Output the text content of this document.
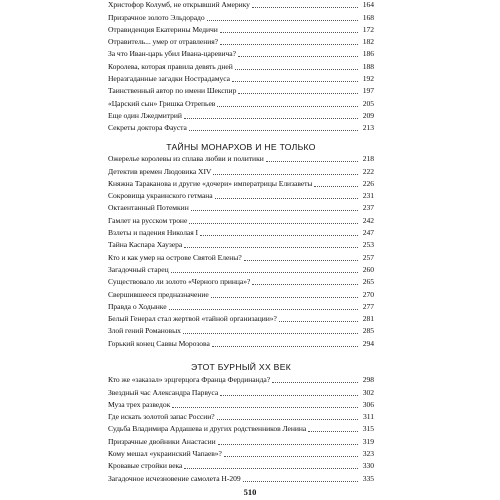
Христофор Колумб, не открывший Америку	164
Призрачное золото Эльдорадо	168
Отравиденция Екатерины Медичи	172
Отравитель... умер от отравления?	182
За что Иван-царь убил Ивана-царевича?	186
Королева, которая правила девять дней	188
Неразгаданные загадки Нострадамуса	192
Таинственный автор по имени Шекспир	197
«Царский сын» Гришка Отрепьев	205
Еще один Лжедмитрий	209
Секреты доктора Фауста	213
ТАЙНЫ МОНАРХОВ И НЕ ТОЛЬКО
Ожерелье королевы из сплава любви и политики	218
Детектив времен Людовика XIV	222
Княжна Тараканова и другие «дочери» императрицы Елизаветы	226
Сокровища украинского гетмана	231
Октаентанный Потемкин	237
Гамлет на русском троне	242
Взлеты и падения Николая I	247
Тайна Каспара Хаузера	253
Кто и как умер на острове Святой Елены?	257
Загадочный старец	260
Существовало ли золото «Черного принца»?	265
Свершившееся предназначение	270
Правда о Ходынке	277
Белый Генерал стал жертвой «тайной организации»?	281
Злой гений Романовых	285
Горький конец Саввы Морозова	294
ЭТОТ БУРНЫЙ XX ВЕК
Кто же «заказал» эрцгерцога Франца Фердинанда?	298
Звездный час Александра Парвуса	302
Муза трех разведок	306
Где искать золотой запас России?	311
Судьба Владимира Ардашева и других родственников Ленина	315
Призрачные двойники Анастасии	319
Кому мешал «украинский Чапаев»?	323
Кровавые стройки века	330
Загадочное исчезновение самолета Н-209	335
510
